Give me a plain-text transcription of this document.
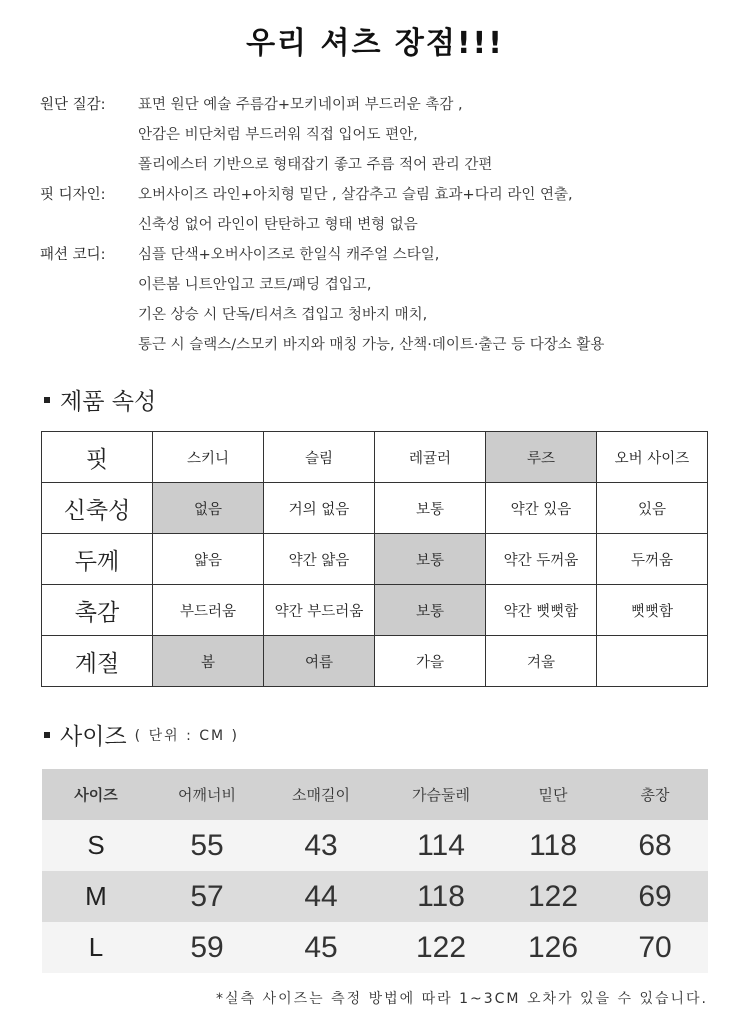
우리 셔츠 장점!!!
원단 질감:	표면 원단 예술 주름감+모키네이퍼 부드러운 촉감 ,
안감은 비단처럼 부드러워 직접 입어도 편안,
폴리에스터 기반으로 형태잡기 좋고 주름 적어 관리 간편
핏 디자인:	오버사이즈 라인+아치형 밑단 , 살감추고 슬림 효과+다리 라인 연출,
신축성 없어 라인이 탄탄하고 형태 변형 없음
패션 코디:	심플 단색+오버사이즈로 한일식 캐주얼 스타일,
이른봄 니트안입고 코트/패딩 겹입고,
기온 상승 시 단독/티셔츠 겹입고 청바지 매치,
통근 시 슬랙스/스모키 바지와 매칭 가능, 산책·데이트·출근 등 다장소 활용
제품 속성
핏	스키니	슬림	레귤러	루즈	오버 사이즈
신축성	없음	거의 없음	보통	약간 있음	있음
두께	얇음	약간 얇음	보통	약간 두꺼움	두꺼움
촉감	부드러움	약간 부드러움	보통	약간 뻣뻣함	뻣뻣함
계절	봄	여름	가을	겨울	
사이즈 ( 단위 : CM )
사이즈	어깨너비	소매길이	가슴둘레	밑단	총장
S	55	43	114	118	68
M	57	44	118	122	69
L	59	45	122	126	70
*실측 사이즈는 측정 방법에 따라 1~3CM 오차가 있을 수 있습니다.
